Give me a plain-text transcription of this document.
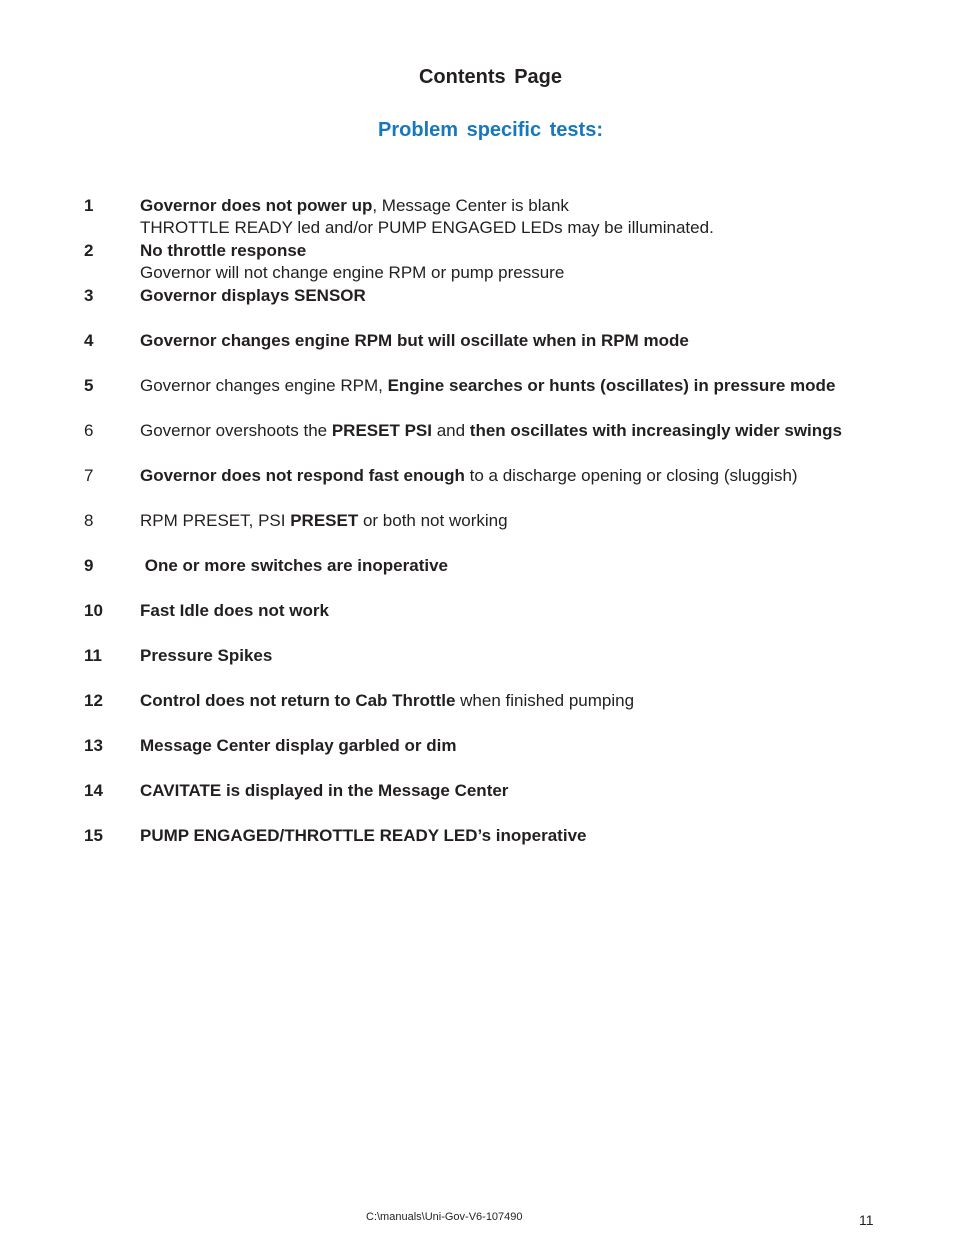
Contents Page
Problem specific tests:
1	Governor does not power up, Message Center is blank
THROTTLE READY led and/or PUMP ENGAGED LEDs may be illuminated.
2	No throttle response
Governor will not change engine RPM or pump pressure
3	Governor displays SENSOR
4	Governor changes engine RPM but will oscillate when in RPM mode
5	Governor changes engine RPM, Engine searches or hunts (oscillates) in pressure mode
6	Governor overshoots the PRESET PSI and then oscillates with increasingly wider swings
7	Governor does not respond fast enough to a discharge opening or closing (sluggish)
8	RPM PRESET, PSI PRESET or both not working
9	One or more switches are inoperative
10 Fast Idle does not work
11 Pressure Spikes
12 Control does not return to Cab Throttle when finished pumping
13 Message Center display garbled or dim
14 CAVITATE is displayed in the Message Center
15 PUMP ENGAGED/THROTTLE READY LED’s inoperative
C:\manuals\Uni-Gov-V6-107490	11
